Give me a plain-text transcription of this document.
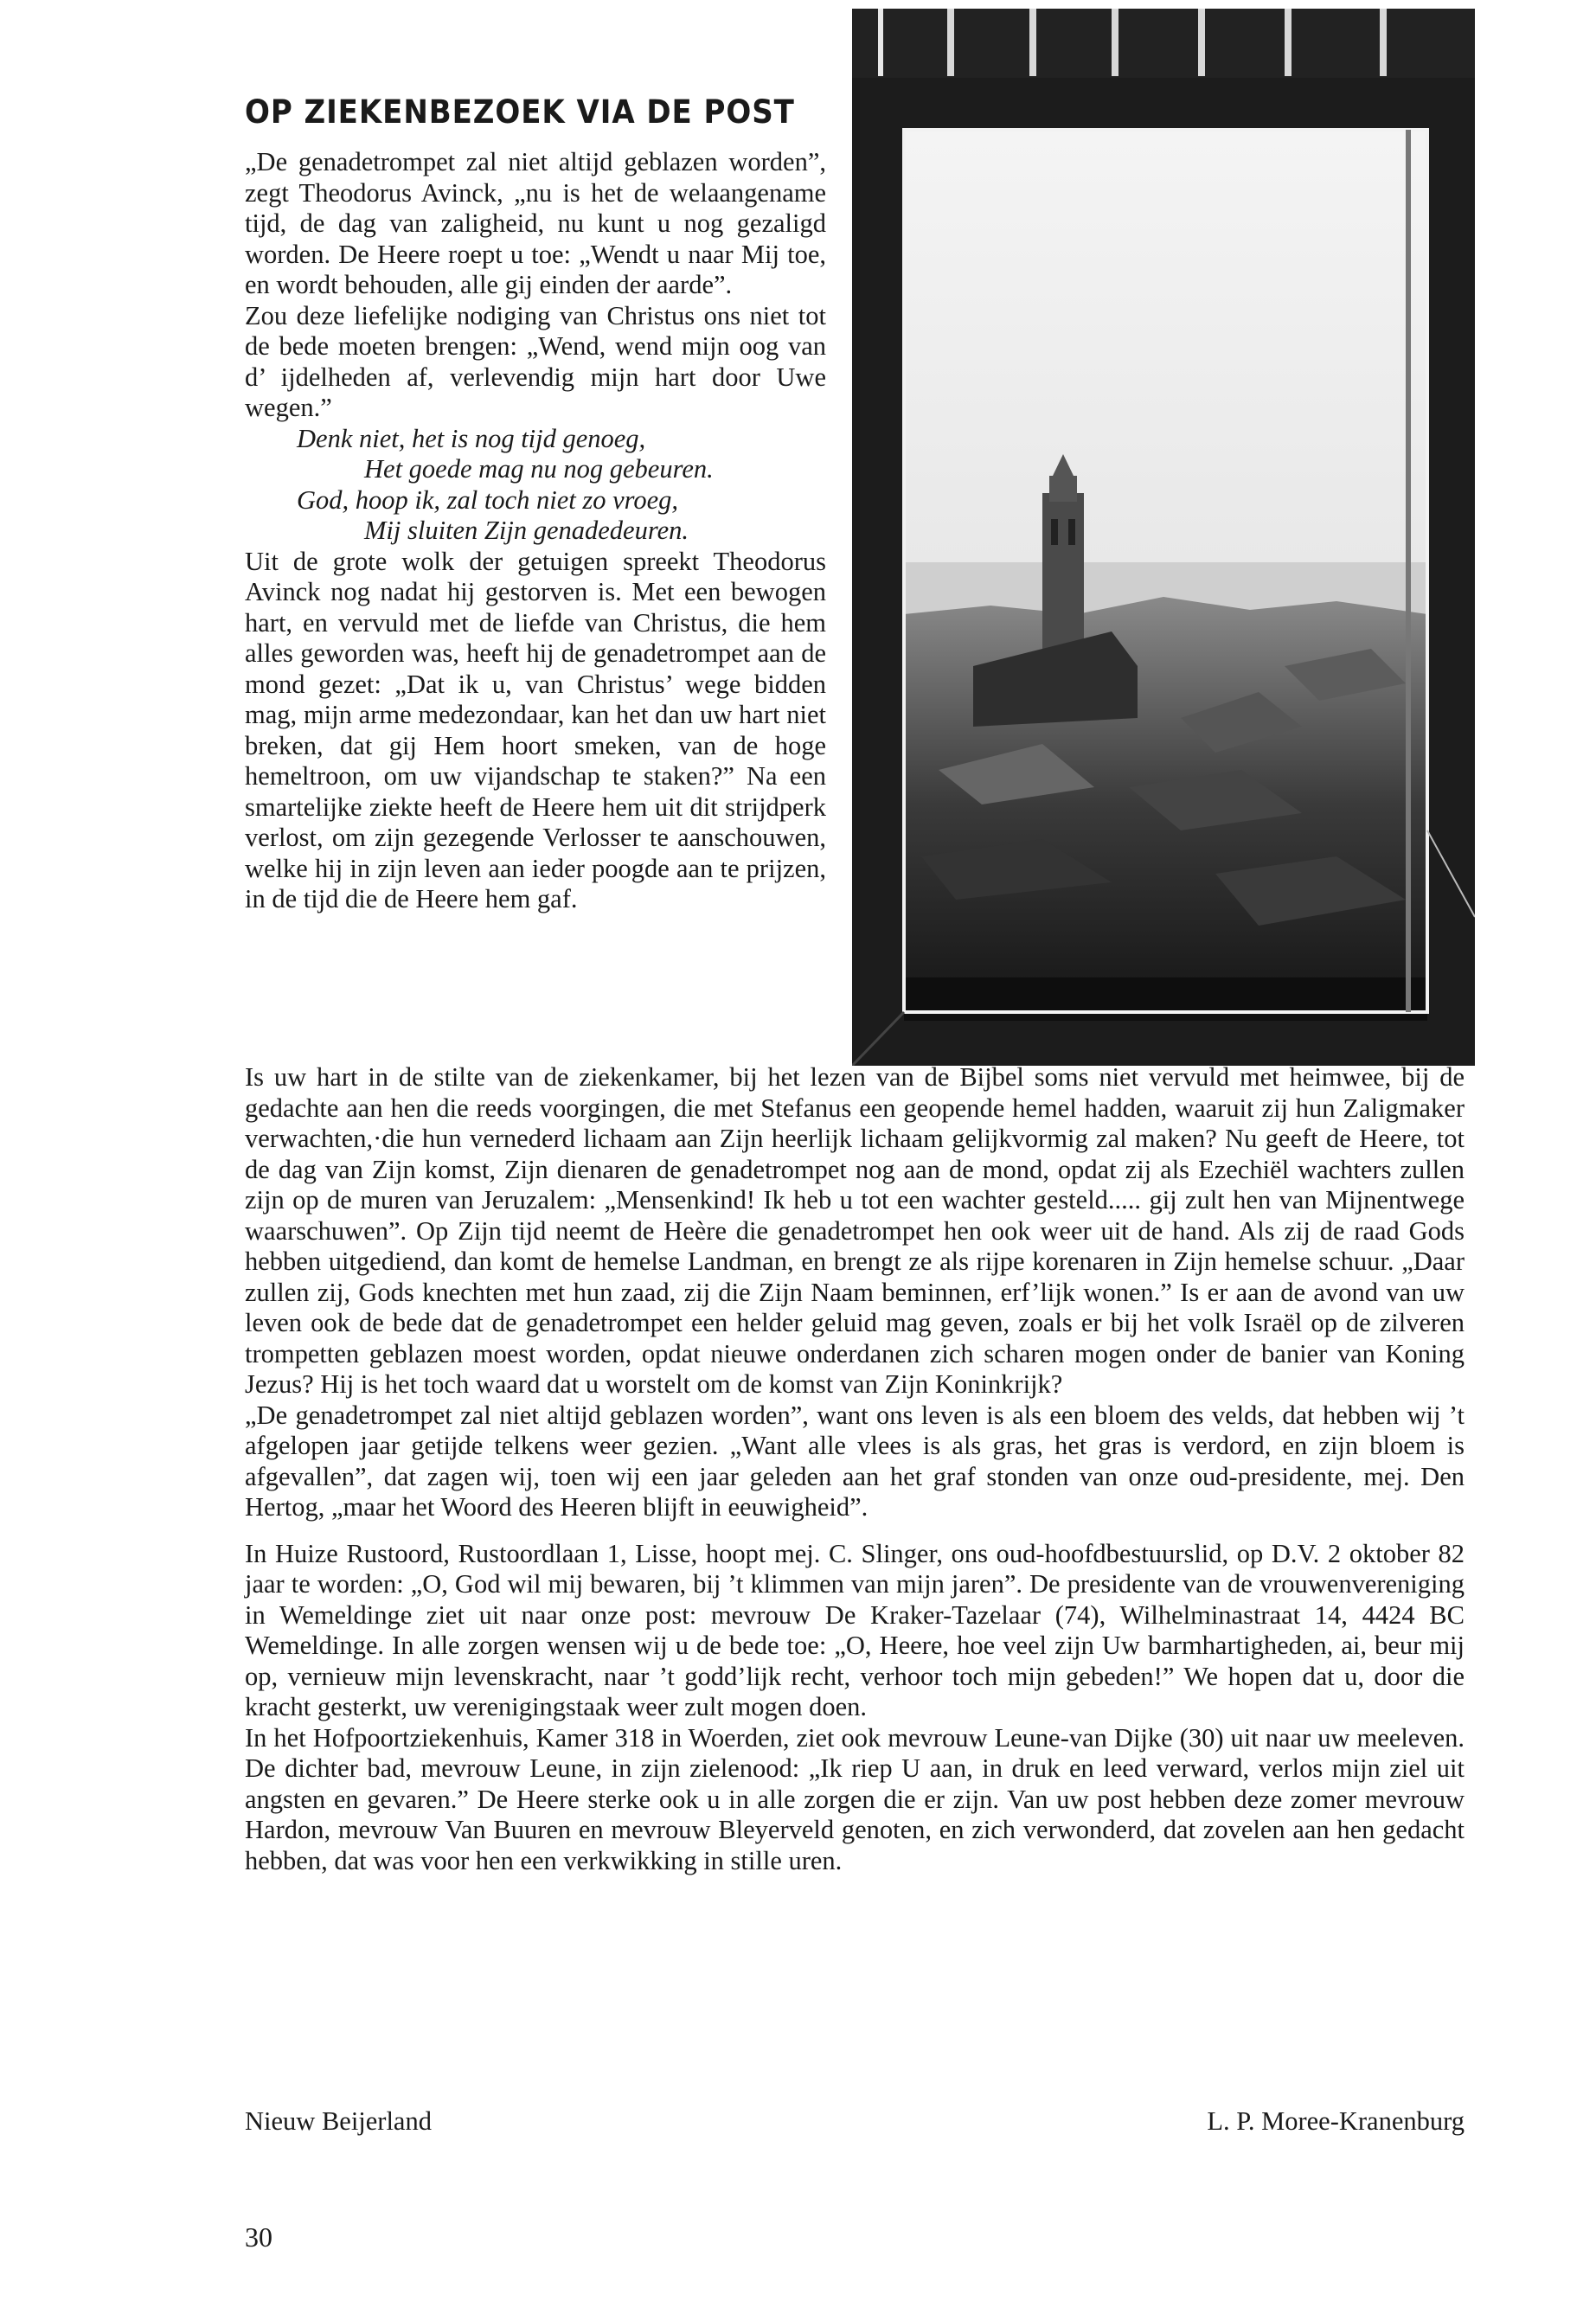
OP ZIEKENBEZOEK VIA DE POST

„De genadetrompet zal niet altijd geblazen worden”, zegt Theodorus Avinck, „nu is het de welaangename tijd, de dag van zaligheid, nu kunt u nog gezaligd worden. De Heere roept u toe: „Wendt u naar Mij toe, en wordt behouden, alle gij einden der aarde”.

Zou deze liefelijke nodiging van Christus ons niet tot de bede moeten brengen: „Wend, wend mijn oog van d’ ijdelheden af, verlevendig mijn hart door Uwe wegen.”

Denk niet, het is nog tijd genoeg,
Het goede mag nu nog gebeuren.
God, hoop ik, zal toch niet zo vroeg,
Mij sluiten Zijn genadedeuren.

Uit de grote wolk der getuigen spreekt Theodorus Avinck nog nadat hij gestorven is. Met een bewogen hart, en vervuld met de liefde van Christus, die hem alles geworden was, heeft hij de genadetrompet aan de mond gezet: „Dat ik u, van Christus’ wege bidden mag, mijn arme medezondaar, kan het dan uw hart niet breken, dat gij Hem hoort smeken, van de hoge hemeltroon, om uw vijandschap te staken?” Na een smartelijke ziekte heeft de Heere hem uit dit strijdperk verlost, om zijn gezegende Verlosser te aanschouwen, welke hij in zijn leven aan ieder poogde aan te prijzen, in de tijd die de Heere hem gaf.

Is uw hart in de stilte van de ziekenkamer, bij het lezen van de Bijbel soms niet vervuld met heimwee, bij de gedachte aan hen die reeds voorgingen, die met Stefanus een geopende hemel hadden, waaruit zij hun Zaligmaker verwachten,·die hun vernederd lichaam aan Zijn heerlijk lichaam gelijkvormig zal maken? Nu geeft de Heere, tot de dag van Zijn komst, Zijn dienaren de genadetrompet nog aan de mond, opdat zij als Ezechiël wachters zullen zijn op de muren van Jeruzalem: „Mensenkind! Ik heb u tot een wachter gesteld..... gij zult hen van Mijnentwege waarschuwen”. Op Zijn tijd neemt de Heère die genadetrompet hen ook weer uit de hand. Als zij de raad Gods hebben uitgediend, dan komt de hemelse Landman, en brengt ze als rijpe korenaren in Zijn hemelse schuur. „Daar zullen zij, Gods knechten met hun zaad, zij die Zijn Naam beminnen, erf’lijk wonen.” Is er aan de avond van uw leven ook de bede dat de genadetrompet een helder geluid mag geven, zoals er bij het volk Israël op de zilveren trompetten geblazen moest worden, opdat nieuwe onderdanen zich scharen mogen onder de banier van Koning Jezus? Hij is het toch waard dat u worstelt om de komst van Zijn Koninkrijk?

„De genadetrompet zal niet altijd geblazen worden”, want ons leven is als een bloem des velds, dat hebben wij ’t afgelopen jaar getijde telkens weer gezien. „Want alle vlees is als gras, het gras is verdord, en zijn bloem is afgevallen”, dat zagen wij, toen wij een jaar geleden aan het graf stonden van onze oud-presidente, mej. Den Hertog, „maar het Woord des Heeren blijft in eeuwigheid”.

In Huize Rustoord, Rustoordlaan 1, Lisse, hoopt mej. C. Slinger, ons oud-hoofdbestuurslid, op D.V. 2 oktober 82 jaar te worden: „O, God wil mij bewaren, bij ’t klimmen van mijn jaren”. De presidente van de vrouwenvereniging in Wemeldinge ziet uit naar onze post: mevrouw De Kraker-Tazelaar (74), Wilhelminastraat 14, 4424 BC Wemeldinge. In alle zorgen wensen wij u de bede toe: „O, Heere, hoe veel zijn Uw barmhartigheden, ai, beur mij op, vernieuw mijn levenskracht, naar ’t godd’lijk recht, verhoor toch mijn gebeden!” We hopen dat u, door die kracht gesterkt, uw verenigingstaak weer zult mogen doen.

In het Hofpoortziekenhuis, Kamer 318 in Woerden, ziet ook mevrouw Leune-van Dijke (30) uit naar uw meeleven. De dichter bad, mevrouw Leune, in zijn zielenood: „Ik riep U aan, in druk en leed verward, verlos mijn ziel uit angsten en gevaren.” De Heere sterke ook u in alle zorgen die er zijn. Van uw post hebben deze zomer mevrouw Hardon, mevrouw Van Buuren en mevrouw Bleyerveld genoten, en zich verwonderd, dat zovelen aan hen gedacht hebben, dat was voor hen een verkwikking in stille uren.

Nieuw Beijerland	L. P. Moree-Kranenburg
30
